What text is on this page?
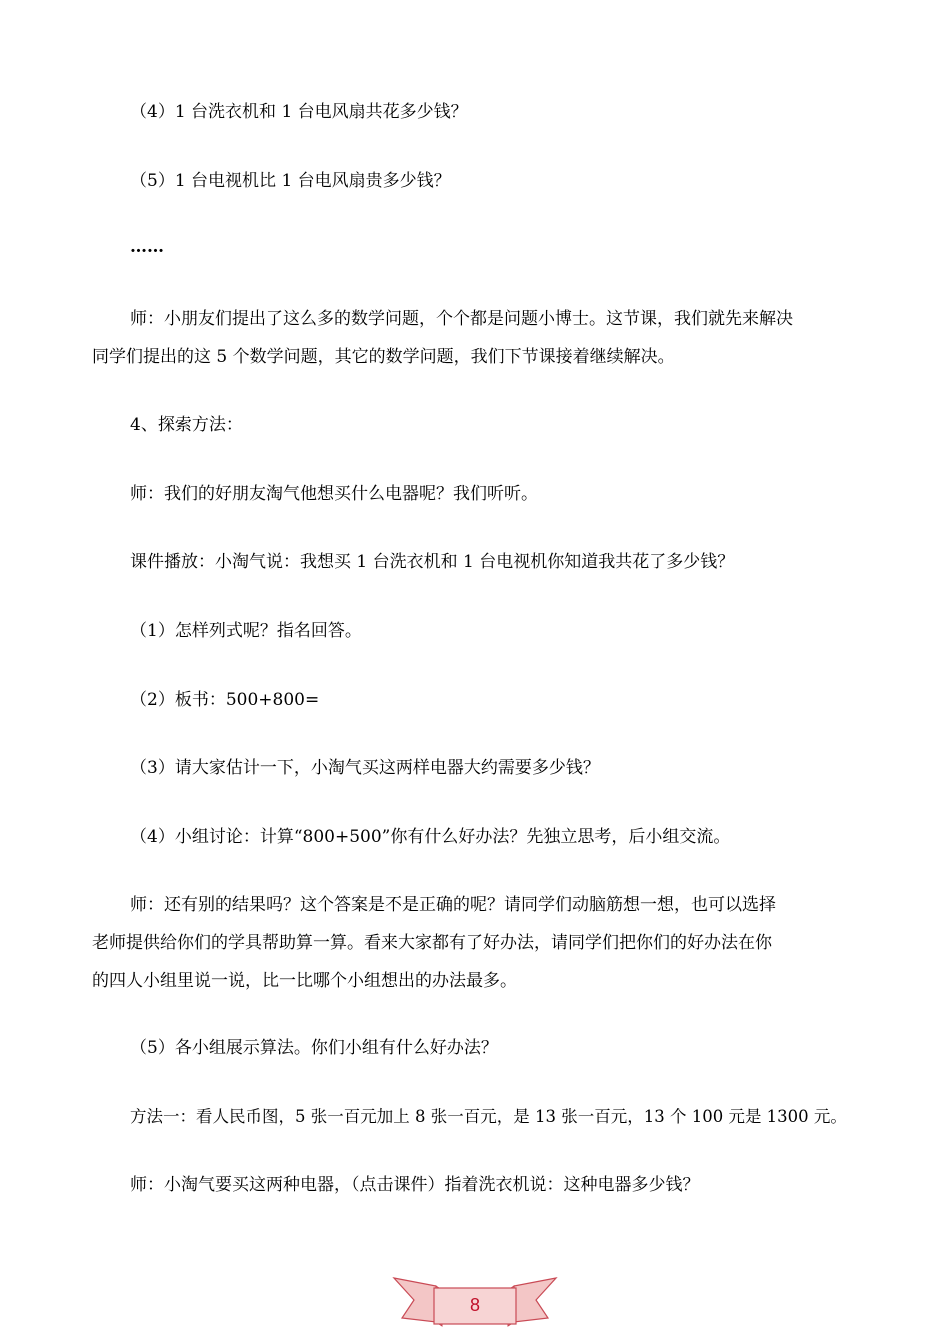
（4）1 台洗衣机和 1 台电风扇共花多少钱？
（5）1 台电视机比 1 台电风扇贵多少钱？
……
师：小朋友们提出了这么多的数学问题，个个都是问题小博士。这节课，我们就先来解决
同学们提出的这 5 个数学问题，其它的数学问题，我们下节课接着继续解决。
4、探索方法：
师：我们的好朋友淘气他想买什么电器呢？我们听听。
课件播放：小淘气说：我想买 1 台洗衣机和 1 台电视机你知道我共花了多少钱？
（1）怎样列式呢？指名回答。
（2）板书：500+800=
（3）请大家估计一下，小淘气买这两样电器大约需要多少钱？
（4）小组讨论：计算“800+500”你有什么好办法？先独立思考，后小组交流。
师：还有别的结果吗？这个答案是不是正确的呢？请同学们动脑筋想一想，也可以选择
老师提供给你们的学具帮助算一算。看来大家都有了好办法，请同学们把你们的好办法在你
的四人小组里说一说，比一比哪个小组想出的办法最多。
（5）各小组展示算法。你们小组有什么好办法？
方法一：看人民币图，5 张一百元加上 8 张一百元，是 13 张一百元，13 个 100 元是 1300 元。
师：小淘气要买这两种电器，（点击课件）指着洗衣机说：这种电器多少钱？
8
